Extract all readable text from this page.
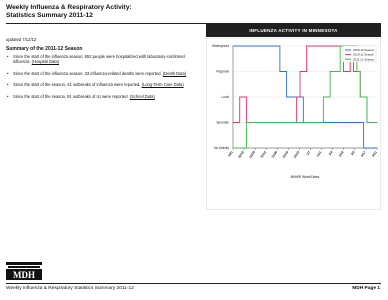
Weekly Influenza & Respiratory Activity:
Statistics Summary 2011-12
updated 7/12/12
Summary of the 2011-12 Season
• Since the start of the influenza season, 852 people were hospitalized with laboratory-confirmed influenza. (Hospital Data)
• Since the start of the influenza season, 33 influenza-related deaths were reported. (Death Data)
• Since the start of the season, 41 outbreaks of influenza were reported. (Long-Term Care Data)
• Since the start of the season, 91 outbreaks of ILI were reported. (School Data)
INFLUENZA ACTIVITY IN MINNESOTA
No Activity
Sporadic
Local
Regional
Widespread
10/1 10/15 10/29 11/12 11/26 12/10 12/24 1/7 1/21 2/4 2/18 3/3 3/17 3/31
MMWR Week/Dates
2009-10 Season
2010-11 Season
2011-12 Season
MDH
Weekly Influenza & Respiratory Statistics Summary 2011-12	MDH Page 1
